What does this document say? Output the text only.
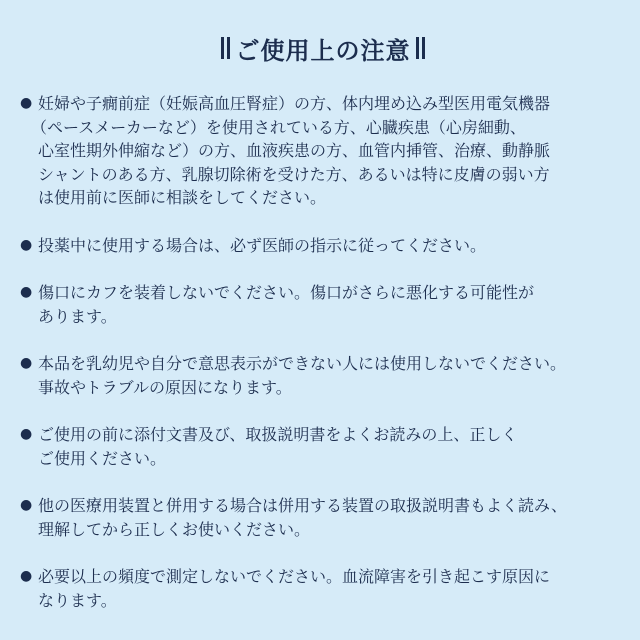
ご使用上の注意
● 妊婦や子癇前症（妊娠高血圧腎症）の方、体内埋め込み型医用電気機器
（ペースメーカーなど）を使用されている方、心臓疾患（心房細動、
心室性期外伸縮など）の方、血液疾患の方、血管内挿管、治療、動静脈
シャントのある方、乳腺切除術を受けた方、あるいは特に皮膚の弱い方
は使用前に医師に相談をしてください。
● 投薬中に使用する場合は、必ず医師の指示に従ってください。
● 傷口にカフを装着しないでください。傷口がさらに悪化する可能性が
あります。
● 本品を乳幼児や自分で意思表示ができない人には使用しないでください。
事故やトラブルの原因になります。
● ご使用の前に添付文書及び、取扱説明書をよくお読みの上、正しく
ご使用ください。
● 他の医療用装置と併用する場合は併用する装置の取扱説明書もよく読み、
理解してから正しくお使いください。
● 必要以上の頻度で測定しないでください。血流障害を引き起こす原因に
なります。
